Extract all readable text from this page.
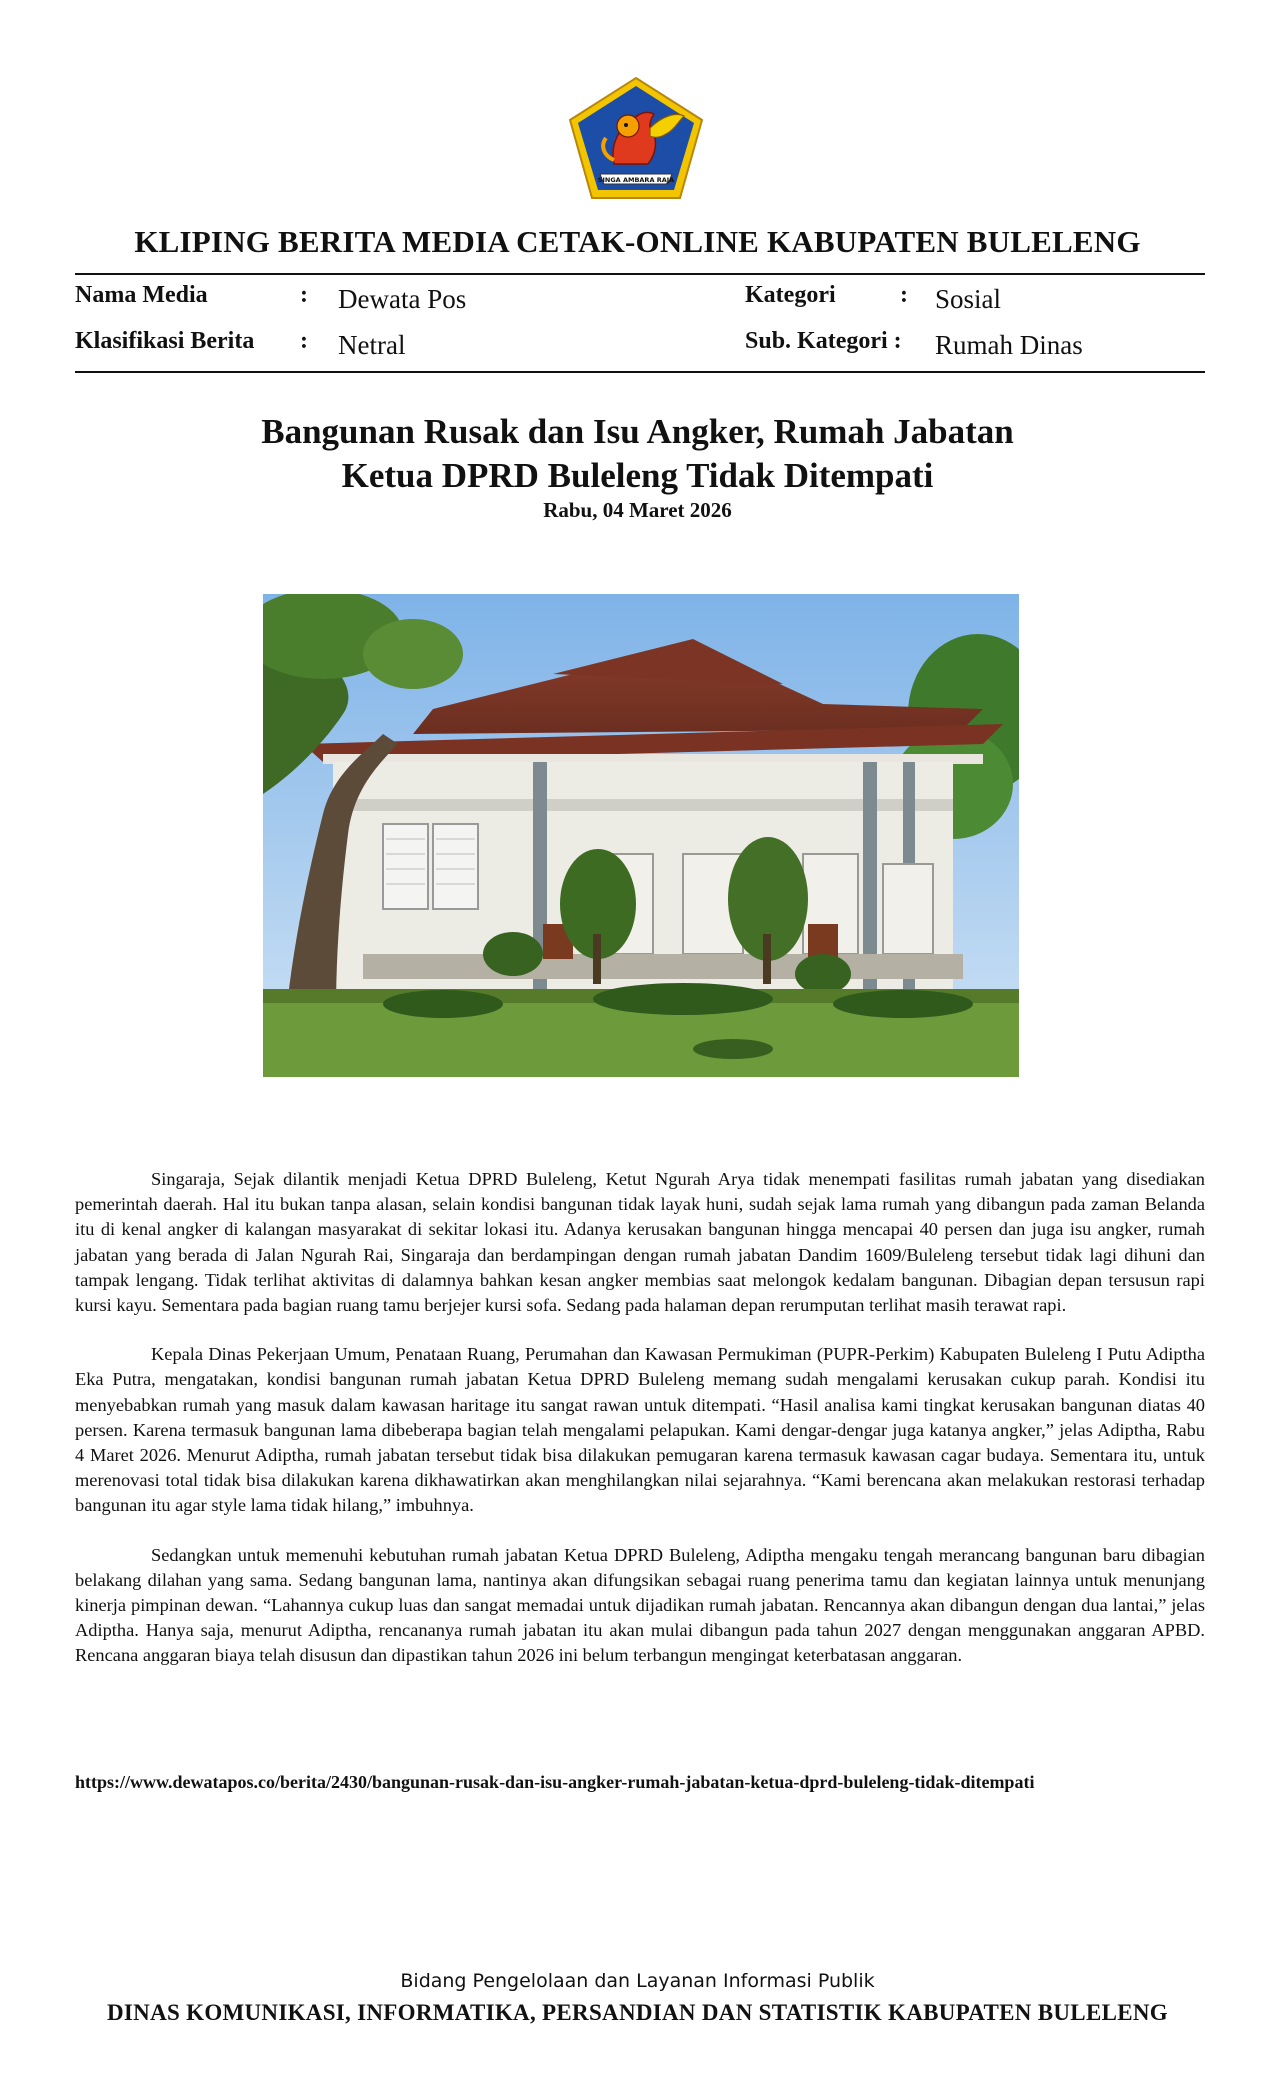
SINGA AMBARA RAJA
KLIPING BERITA MEDIA CETAK-ONLINE KABUPATEN BULELENG
Nama Media	: Dewata Pos
Klasifikasi Berita : Netral
Kategori	: Sosial
Sub. Kategori : Rumah Dinas
Bangunan Rusak dan Isu Angker, Rumah Jabatan
Ketua DPRD Buleleng Tidak Ditempati
Rabu, 04 Maret 2026

Singaraja, Sejak dilantik menjadi Ketua DPRD Buleleng, Ketut Ngurah Arya tidak menempati fasilitas rumah jabatan yang disediakan pemerintah daerah. Hal itu bukan tanpa alasan, selain kondisi bangunan tidak layak huni, sudah sejak lama rumah yang dibangun pada zaman Belanda itu di kenal angker di kalangan masyarakat di sekitar lokasi itu. Adanya kerusakan bangunan hingga mencapai 40 persen dan juga isu angker, rumah jabatan yang berada di Jalan Ngurah Rai, Singaraja dan berdampingan dengan rumah jabatan Dandim 1609/Buleleng tersebut tidak lagi dihuni dan tampak lengang. Tidak terlihat aktivitas di dalamnya bahkan kesan angker membias saat melongok kedalam bangunan. Dibagian depan tersusun rapi kursi kayu. Sementara pada bagian ruang tamu berjejer kursi sofa. Sedang pada halaman depan rerumputan terlihat masih terawat rapi.

Kepala Dinas Pekerjaan Umum, Penataan Ruang, Perumahan dan Kawasan Permukiman (PUPR-Perkim) Kabupaten Buleleng I Putu Adiptha Eka Putra, mengatakan, kondisi bangunan rumah jabatan Ketua DPRD Buleleng memang sudah mengalami kerusakan cukup parah. Kondisi itu menyebabkan rumah yang masuk dalam kawasan haritage itu sangat rawan untuk ditempati. “Hasil analisa kami tingkat kerusakan bangunan diatas 40 persen. Karena termasuk bangunan lama dibeberapa bagian telah mengalami pelapukan. Kami dengar-dengar juga katanya angker,” jelas Adiptha, Rabu 4 Maret 2026. Menurut Adiptha, rumah jabatan tersebut tidak bisa dilakukan pemugaran karena termasuk kawasan cagar budaya. Sementara itu, untuk merenovasi total tidak bisa dilakukan karena dikhawatirkan akan menghilangkan nilai sejarahnya. “Kami berencana akan melakukan restorasi terhadap bangunan itu agar style lama tidak hilang,” imbuhnya.

Sedangkan untuk memenuhi kebutuhan rumah jabatan Ketua DPRD Buleleng, Adiptha mengaku tengah merancang bangunan baru dibagian belakang dilahan yang sama. Sedang bangunan lama, nantinya akan difungsikan sebagai ruang penerima tamu dan kegiatan lainnya untuk menunjang kinerja pimpinan dewan. “Lahannya cukup luas dan sangat memadai untuk dijadikan rumah jabatan. Rencannya akan dibangun dengan dua lantai,” jelas Adiptha. Hanya saja, menurut Adiptha, rencananya rumah jabatan itu akan mulai dibangun pada tahun 2027 dengan menggunakan anggaran APBD. Rencana anggaran biaya telah disusun dan dipastikan tahun 2026 ini belum terbangun mengingat keterbatasan anggaran.

https://www.dewatapos.co/berita/2430/bangunan-rusak-dan-isu-angker-rumah-jabatan-ketua-dprd-buleleng-tidak-ditempati
Bidang Pengelolaan dan Layanan Informasi Publik
DINAS KOMUNIKASI, INFORMATIKA, PERSANDIAN DAN STATISTIK KABUPATEN BULELENG
